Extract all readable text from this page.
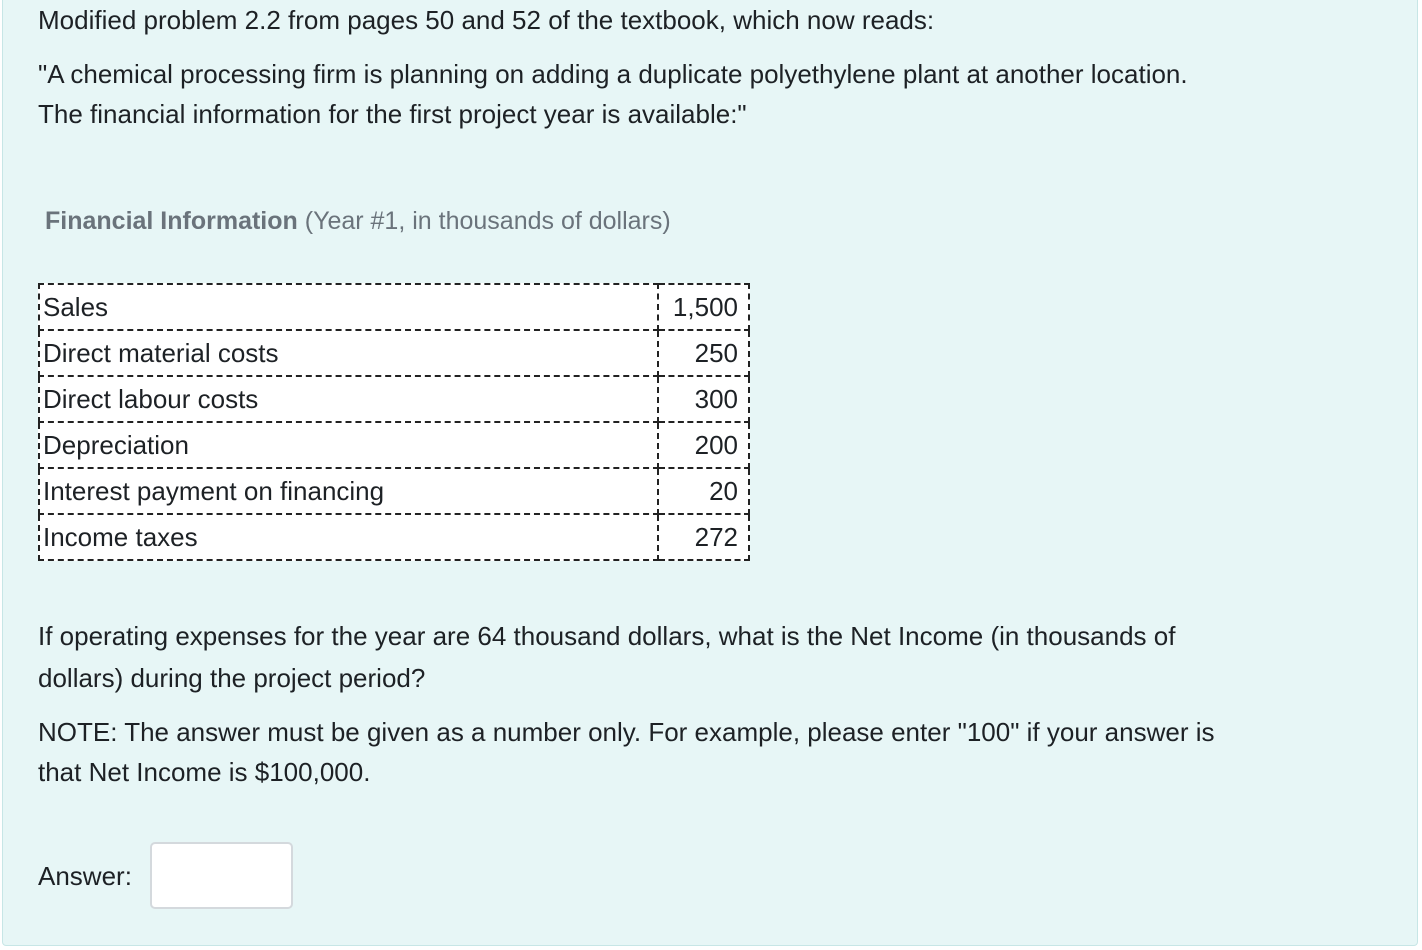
Modified problem 2.2 from pages 50 and 52 of the textbook, which now reads:

"A chemical processing firm is planning on adding a duplicate polyethylene plant at another location.

The financial information for the first project year is available:"

Financial Information (Year #1, in thousands of dollars)
Sales	1,500
Direct material costs	250
Direct labour costs	300
Depreciation	200
Interest payment on financing	20
Income taxes	272

If operating expenses for the year are 64 thousand dollars, what is the Net Income (in thousands of

dollars) during the project period?

NOTE: The answer must be given as a number only. For example, please enter "100" if your answer is

that Net Income is $100,000.

Answer:
